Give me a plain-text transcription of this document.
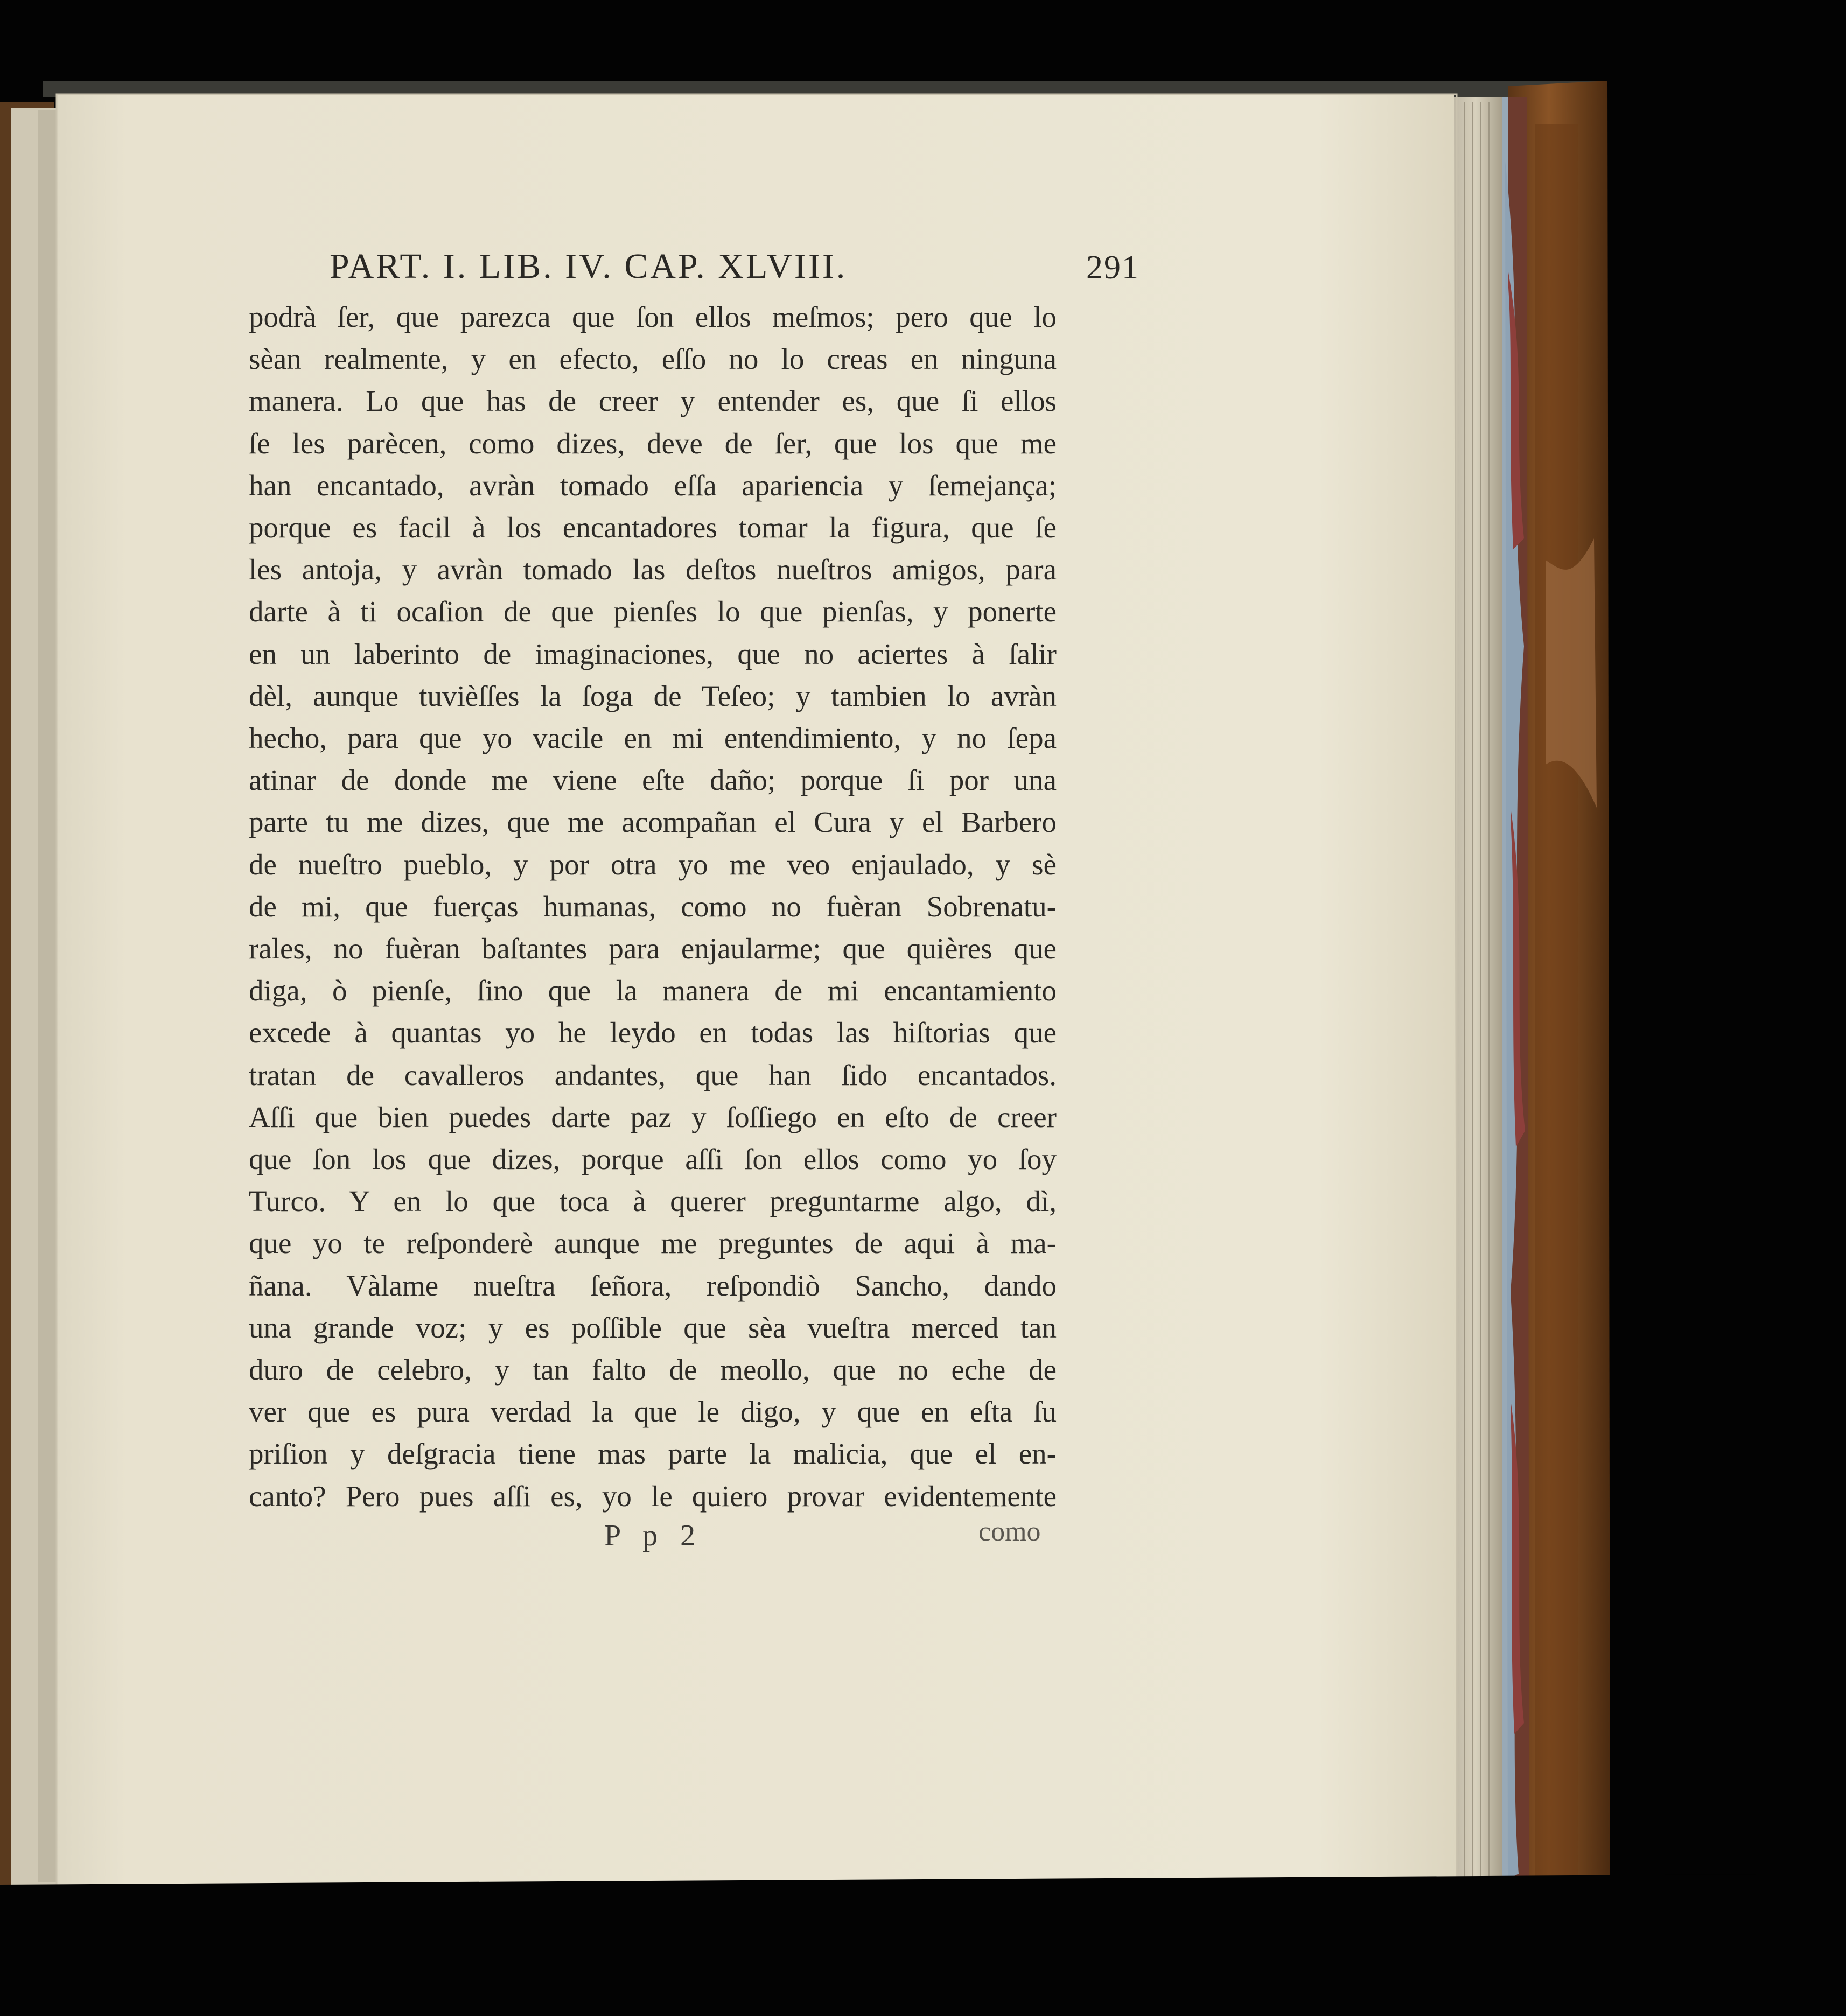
PART. I. LIB. IV. CAP. XLVIII.	291
podrà ſer, que parezca que ſon ellos meſmos; pero que lo
sèan realmente, y en efecto, eſſo no lo creas en ninguna
manera. Lo que has de creer y entender es, que ſi ellos
ſe les parècen, como dizes, deve de ſer, que los que me
han encantado, avràn tomado eſſa apariencia y ſemejança;
porque es facil à los encantadores tomar la figura, que ſe
les antoja, y avràn tomado las deſtos nueſtros amigos, para
darte à ti ocaſion de que pienſes lo que pienſas, y ponerte
en un laberinto de imaginaciones, que no aciertes à ſalir
dèl, aunque tuvièſſes la ſoga de Teſeo; y tambien lo avràn
hecho, para que yo vacile en mi entendimiento, y no ſepa
atinar de donde me viene eſte daño; porque ſi por una
parte tu me dizes, que me acompañan el Cura y el Barbero
de nueſtro pueblo, y por otra yo me veo enjaulado, y sè
de mi, que fuerças humanas, como no fuèran Sobrenatu-
rales, no fuèran baſtantes para enjaularme; que quières que
diga, ò pienſe, ſino que la manera de mi encantamiento
excede à quantas yo he leydo en todas las hiſtorias que
tratan de cavalleros andantes, que han ſido encantados.
Aſſi que bien puedes darte paz y ſoſſiego en eſto de creer
que ſon los que dizes, porque aſſi ſon ellos como yo ſoy
Turco. Y en lo que toca à querer preguntarme algo, dì,
que yo te reſponderè aunque me preguntes de aqui à ma-
ñana. Vàlame nueſtra ſeñora, reſpondiò Sancho, dando
una grande voz; y es poſſible que sèa vueſtra merced tan
duro de celebro, y tan falto de meollo, que no eche de
ver que es pura verdad la que le digo, y que en eſta ſu
priſion y deſgracia tiene mas parte la malicia, que el en-
canto? Pero pues aſſi es, yo le quiero provar evidentemente
P p 2	como
